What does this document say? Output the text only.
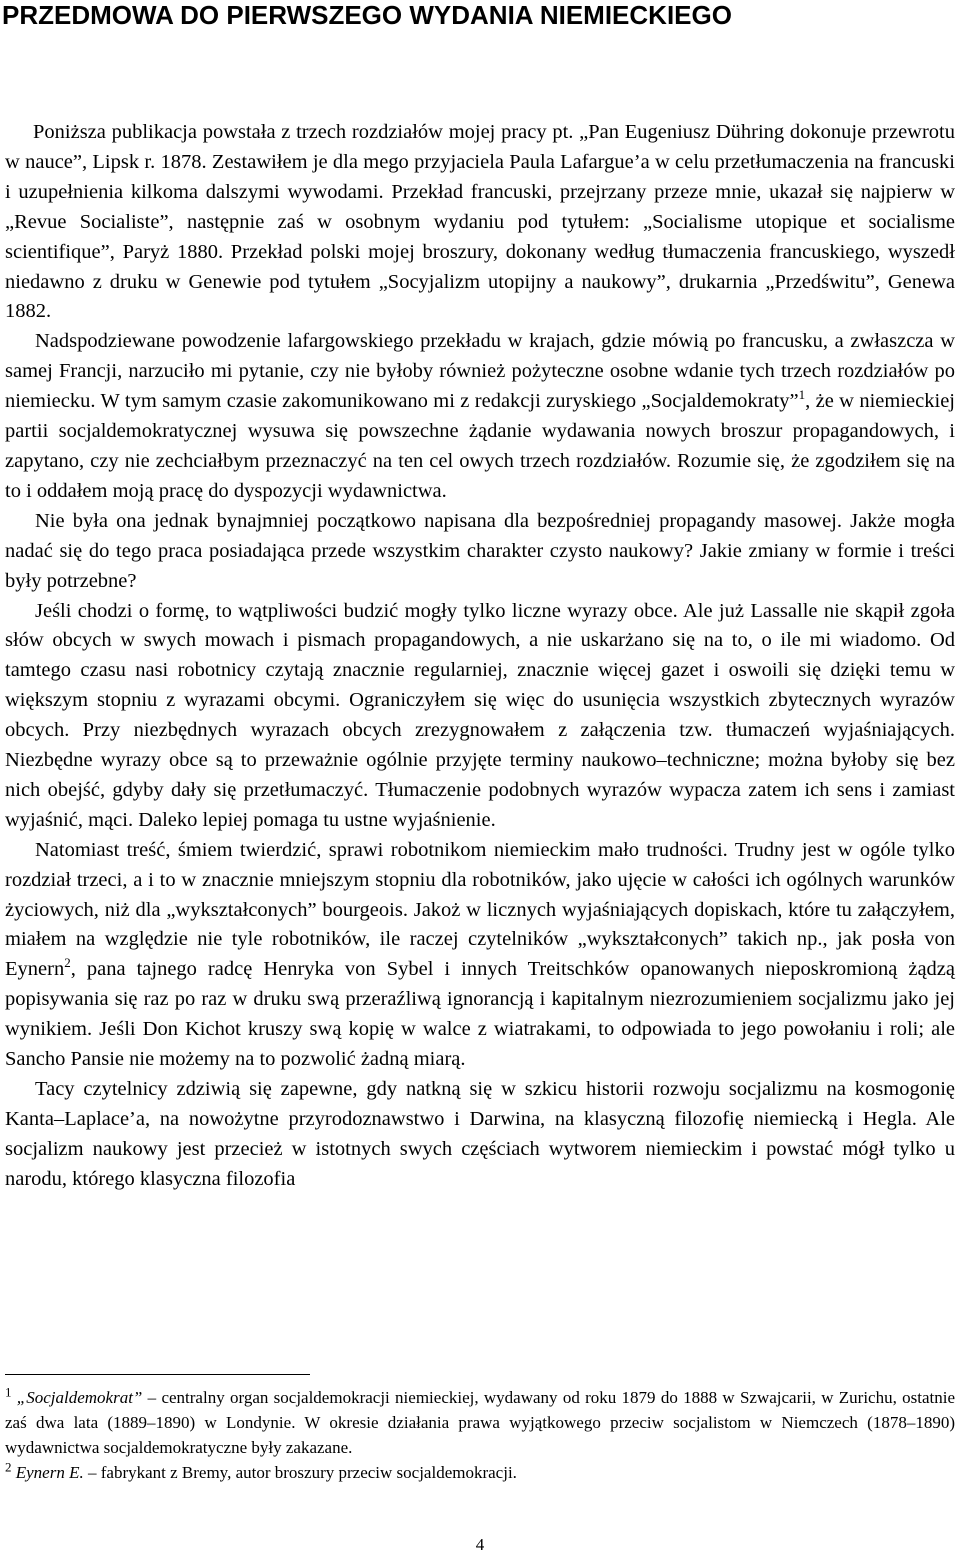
PRZEDMOWA DO PIERWSZEGO WYDANIA NIEMIECKIEGO

Poniższa publikacja powstała z trzech rozdziałów mojej pracy pt. „Pan Eugeniusz Dühring dokonuje przewrotu w nauce”, Lipsk r. 1878. Zestawiłem je dla mego przyjaciela Paula Lafargue’a w celu przetłumaczenia na francuski i uzupełnienia kilkoma dalszymi wywodami. Przekład francuski, przejrzany przeze mnie, ukazał się najpierw w „Revue Socialiste”, następnie zaś w osobnym wydaniu pod tytułem: „Socialisme utopique et socialisme scientifique”, Paryż 1880. Przekład polski mojej broszury, dokonany według tłumaczenia francuskiego, wyszedł niedawno z druku w Genewie pod tytułem „Socyjalizm utopijny a naukowy”, drukarnia „Przedświtu”, Genewa 1882.

Nadspodziewane powodzenie lafargowskiego przekładu w krajach, gdzie mówią po francusku, a zwłaszcza w samej Francji, narzuciło mi pytanie, czy nie byłoby również pożyteczne osobne wdanie tych trzech rozdziałów po niemiecku. W tym samym czasie zakomunikowano mi z redakcji zuryskiego „Socjaldemokraty”$^1$, że w niemieckiej partii socjaldemokratycznej wysuwa się powszechne żądanie wydawania nowych broszur propagandowych, i zapytano, czy nie zechciałbym przeznaczyć na ten cel owych trzech rozdziałów. Rozumie się, że zgodziłem się na to i oddałem moją pracę do dyspozycji wydawnictwa.

Nie była ona jednak bynajmniej początkowo napisana dla bezpośredniej propagandy masowej. Jakże mogła nadać się do tego praca posiadająca przede wszystkim charakter czysto naukowy? Jakie zmiany w formie i treści były potrzebne?

Jeśli chodzi o formę, to wątpliwości budzić mogły tylko liczne wyrazy obce. Ale już Lassalle nie skąpił zgoła słów obcych w swych mowach i pismach propagandowych, a nie uskarżano się na to, o ile mi wiadomo. Od tamtego czasu nasi robotnicy czytają znacznie regularniej, znacznie więcej gazet i oswoili się dzięki temu w większym stopniu z wyrazami obcymi. Ograniczyłem się więc do usunięcia wszystkich zbytecznych wyrazów obcych. Przy niezbędnych wyrazach obcych zrezygnowałem z załączenia tzw. tłumaczeń wyjaśniających. Niezbędne wyrazy obce są to przeważnie ogólnie przyjęte terminy naukowo–techniczne; można byłoby się bez nich obejść, gdyby dały się przetłumaczyć. Tłumaczenie podobnych wyrazów wypacza zatem ich sens i zamiast wyjaśnić, mąci. Daleko lepiej pomaga tu ustne wyjaśnienie.

Natomiast treść, śmiem twierdzić, sprawi robotnikom niemieckim mało trudności. Trudny jest w ogóle tylko rozdział trzeci, a i to w znacznie mniejszym stopniu dla robotników, jako ujęcie w całości ich ogólnych warunków życiowych, niż dla „wykształconych” bourgeois. Jakoż w licznych wyjaśniających dopiskach, które tu załączyłem, miałem na względzie nie tyle robotników, ile raczej czytelników „wykształconych” takich np., jak posła von Eynern$^2$, pana tajnego radcę Henryka von Sybel i innych Treitschków opanowanych nieposkromioną żądzą popisywania się raz po raz w druku swą przeraźliwą ignorancją i kapitalnym niezrozumieniem socjalizmu jako jej wynikiem. Jeśli Don Kichot kruszy swą kopię w walce z wiatrakami, to odpowiada to jego powołaniu i roli; ale Sancho Pansie nie możemy na to pozwolić żadną miarą.

Tacy czytelnicy zdziwią się zapewne, gdy natkną się w szkicu historii rozwoju socjalizmu na kosmogonię Kanta–Laplace’a, na nowożytne przyrodoznawstwo i Darwina, na klasyczną filozofię niemiecką i Hegla. Ale socjalizm naukowy jest przecież w istotnych swych częściach wytworem niemieckim i powstać mógł tylko u narodu, którego klasyczna filozofia

$^1$ „Socjaldemokrat” – centralny organ socjaldemokracji niemieckiej, wydawany od roku 1879 do 1888 w Szwajcarii, w Zurichu, ostatnie zaś dwa lata (1889–1890) w Londynie. W okresie działania prawa wyjątkowego przeciw socjalistom w Niemczech (1878–1890) wydawnictwa socjaldemokratyczne były zakazane.

$^2$ Eynern E. – fabrykant z Bremy, autor broszury przeciw socjaldemokracji.

4
